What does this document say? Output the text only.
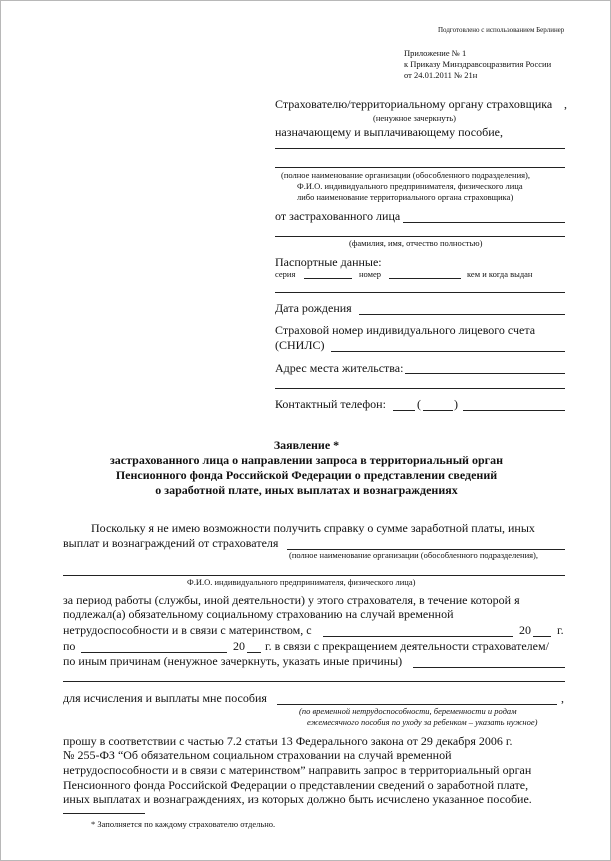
Подготовлено с использованием Берлинер
Приложение № 1
к Приказу Минздравсоцразвития России
от 24.01.2011 № 21н
Страхователю/территориальному органу страховщика ,
(ненужное зачеркнуть)
назначающему и выплачивающему пособие,
(полное наименование организации (обособленного подразделения),
Ф.И.О. индивидуального предпринимателя, физического лица
либо наименование территориального органа страховщика)
от застрахованного лица
(фамилия, имя, отчество полностью)
Паспортные данные:
серия	номер	кем и когда выдан
Дата рождения
Страховой номер индивидуального лицевого счета
(СНИЛС)
Адрес места жительства:
Контактный телефон:	(	)
Заявление *
застрахованного лица о направлении запроса в территориальный орган
Пенсионного фонда Российской Федерации о представлении сведений
о заработной плате, иных выплатах и вознаграждениях
Поскольку я не имею возможности получить справку о сумме заработной платы, иных
выплат и вознаграждений от страхователя
(полное наименование организации (обособленного подразделения),
Ф.И.О. индивидуального предпринимателя, физического лица)
за период работы (службы, иной деятельности) у этого страхователя, в течение которой я
подлежал(а) обязательному социальному страхованию на случай временной
нетрудоспособности и в связи с материнством, с	20 г.
по	20 г. в связи с прекращением деятельности страхователем/
по иным причинам (ненужное зачеркнуть, указать иные причины)
для исчисления и выплаты мне пособия	,
(по временной нетрудоспособности, беременности и родам
ежемесячного пособия по уходу за ребенком – указать нужное)
прошу в соответствии с частью 7.2 статьи 13 Федерального закона от 29 декабря 2006 г.
№ 255-ФЗ “Об обязательном социальном страховании на случай временной
нетрудоспособности и в связи с материнством” направить запрос в территориальный орган
Пенсионного фонда Российской Федерации о представлении сведений о заработной плате,
иных выплатах и вознаграждениях, из которых должно быть исчислено указанное пособие.
* Заполняется по каждому страхователю отдельно.
